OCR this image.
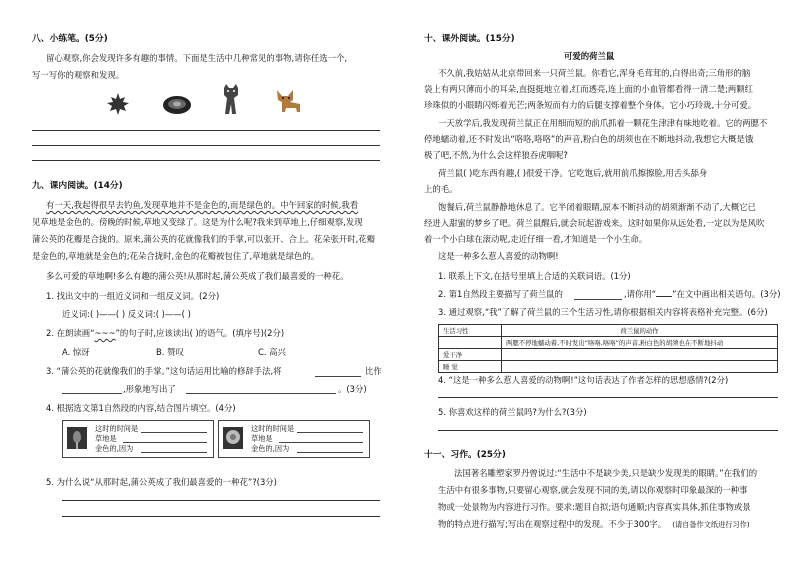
八、小练笔。(5分)
留心观察,你会发现许多有趣的事情。下面是生活中几种常见的事物,请你任选一个,
写一写你的观察和发现。
九、课内阅读。(14分)
有一天,我起得很早去钓鱼,发现草地并不是金色的,而是绿色的。中午回家的时候,我看
见草地是金色的。傍晚的时候,草地又变绿了。这是为什么呢?我来到草地上,仔细观察,发现
蒲公英的花瓣是合拢的。原来,蒲公英的花就像我们的手掌,可以张开、合上。花朵张开时,花瓣
是金色的,草地就是金色的;花朵合拢时,金色的花瓣被包住了,草地就是绿色的。
多么可爱的草地啊!多么有趣的蒲公英!从那时起,蒲公英成了我们最喜爱的一种花。
1. 找出文中的一组近义词和一组反义词。(2分)
近义词:( )——( ) 反义词:( )——( )
2. 在朗读画“~~~”的句子时,应该读出( )的语气。(填序号)(2分)
A. 惊讶	B. 赞叹	C. 高兴
3. “蒲公英的花就像我们的手掌。”这句话运用比喻的修辞手法,将	比作
,形象地写出了	。(3分)
4. 根据选文第1自然段的内容,结合图片填空。(4分)
这时的时间是
草地是
金色的,因为
这时的时间是
草地是
金色的,因为
5. 为什么说“从那时起,蒲公英成了我们最喜爱的一种花”?(3分)
十、课外阅读。(15分)
可爱的荷兰鼠
不久前,我姑姑从北京带回来一只荷兰鼠。你看它,浑身毛茸茸的,白得出奇;三角形的脑
袋上有两只薄而小的耳朵,直挺挺地立着,红而透亮,连上面的小血管都看得一清二楚;两颗红
珍珠似的小眼睛闪烁着光芒;两条短而有力的后腿支撑着整个身体。它小巧玲珑,十分可爱。
一天放学后,我发现荷兰鼠正在用细而短的前爪抓着一颗花生津津有味地吃着。它的两腮不
停地蠕动着,还不时发出“咯咯,咯咯”的声音,粉白色的胡须也在不断地抖动,我想它大概是饿
极了吧,不然,为什么会这样狼吞虎咽呢?
荷兰鼠( )吃东西有趣,( )很爱干净。它吃饱后,就用前爪擦擦脸,用舌头舔身
上的毛。
饱餐后,荷兰鼠静静地休息了。它半闭着眼睛,原本不断抖动的胡须渐渐不动了,大概它已
经进入甜蜜的梦乡了吧。荷兰鼠醒后,就会玩起游戏来。这时如果你从远处看,一定以为是风吹
着一个小白球在滚动呢,走近仔细一看,才知道是一个小生命。
这是一种多么惹人喜爱的动物啊!
1. 联系上下文,在括号里填上合适的关联词语。(1分)
2. 第1自然段主要描写了荷兰鼠的	,请你用“ ”在文中画出相关语句。(3分)
3. 通过观察,“我”了解了荷兰鼠的三个生活习性,请你根据相关内容将表格补充完整。(6分)
生活习性	荷兰鼠的动作
	两腮不停地蠕动着,不时发出“咯咯,咯咯”的声音,粉白色的胡须也在不断地抖动
爱干净	
睡 觉	
4. “这是一种多么惹人喜爱的动物啊!”这句话表达了作者怎样的思想感情?(2分)
5. 你喜欢这样的荷兰鼠吗?为什么?(3分)
十一、习作。(25分)
法国著名雕塑家罗丹曾说过:“生活中不是缺少美,只是缺少发现美的眼睛。”在我们的
生活中有很多事物,只要留心观察,就会发现不同的美,请以你观察时印象最深的一种事
物或一处景物为内容进行习作。要求:题目自拟;语句通顺;内容真实具体,抓住事物或景
物的特点进行描写;写出在观察过程中的发现。不少于300字。 (请自备作文纸进行习作)
